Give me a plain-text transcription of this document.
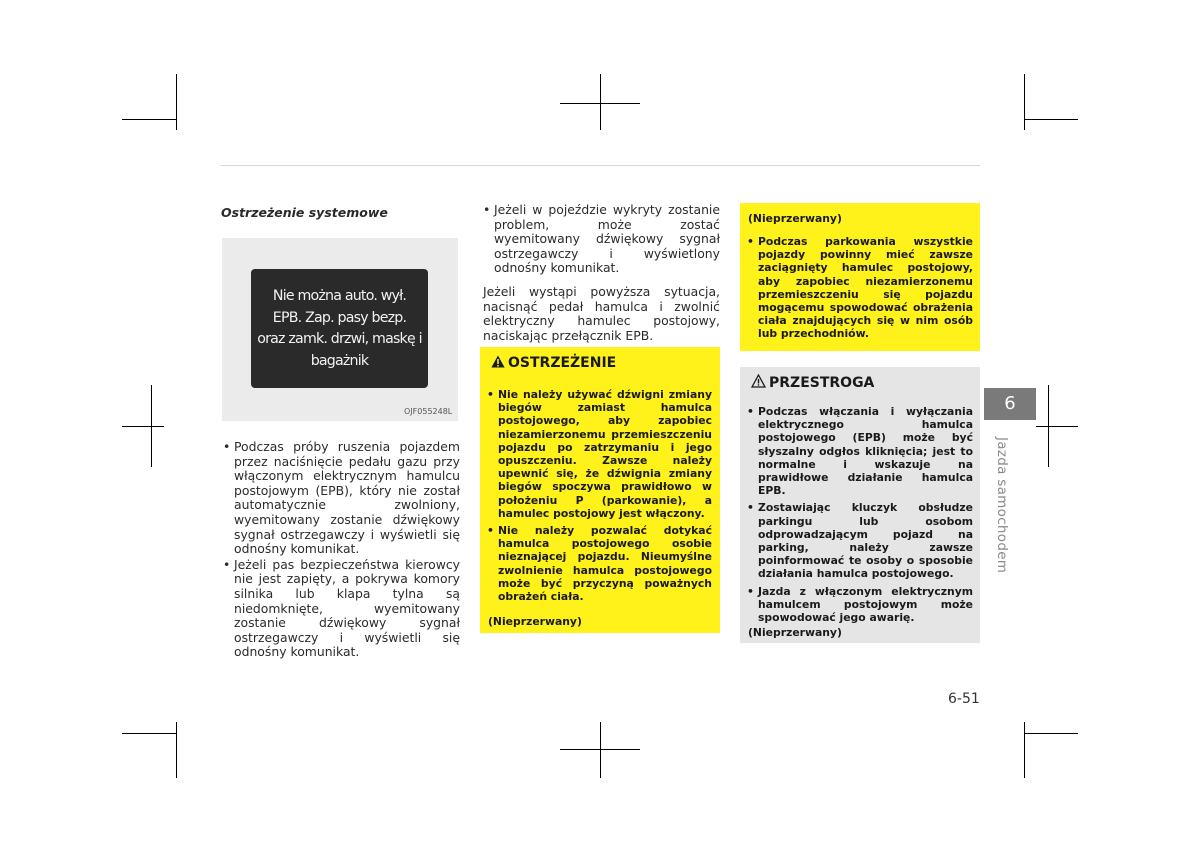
Ostrzeżenie systemowe
Nie można auto. wył.
EPB. Zap. pasy bezp.
oraz zamk. drzwi, maskę i
bagażnik
OJF055248L
• Podczas próby ruszenia pojazdem przez naciśnięcie pedału gazu przy włączonym elektrycznym hamulcu postojowym (EPB), który nie został automatycznie zwolniony, wyemitowany zostanie dźwiękowy sygnał ostrzegawczy i wyświetli się odnośny komunikat.
• Jeżeli pas bezpieczeństwa kierowcy nie jest zapięty, a pokrywa komory silnika lub klapa tylna są niedomknięte, wyemitowany zostanie dźwiękowy sygnał ostrzegawczy i wyświetli się odnośny komunikat.
• Jeżeli w pojeździe wykryty zostanie problem, może zostać wyemitowany dźwiękowy sygnał ostrzegawczy i wyświetlony odnośny komunikat.
Jeżeli wystąpi powyższa sytuacja, nacisnąć pedał hamulca i zwolnić elektryczny hamulec postojowy, naciskając przełącznik EPB.
OSTRZEŻENIE
• Nie należy używać dźwigni zmiany biegów zamiast hamulca postojowego, aby zapobiec niezamierzonemu przemieszczeniu pojazdu po zatrzymaniu i jego opuszczeniu. Zawsze należy upewnić się, że dźwignia zmiany biegów spoczywa prawidłowo w położeniu P (parkowanie), a hamulec postojowy jest włączony.
• Nie należy pozwalać dotykać hamulca postojowego osobie nieznającej pojazdu. Nieumyślne zwolnienie hamulca postojowego może być przyczyną poważnych obrażeń ciała.
(Nieprzerwany)
(Nieprzerwany)
• Podczas parkowania wszystkie pojazdy powinny mieć zawsze zaciągnięty hamulec postojowy, aby zapobiec niezamierzonemu przemieszczeniu się pojazdu mogącemu spowodować obrażenia ciała znajdujących się w nim osób lub przechodniów.
PRZESTROGA
• Podczas włączania i wyłączania elektrycznego hamulca postojowego (EPB) może być słyszalny odgłos kliknięcia; jest to normalne i wskazuje na prawidłowe działanie hamulca EPB.
• Zostawiając kluczyk obsłudze parkingu lub osobom odprowadzającym pojazd na parking, należy zawsze poinformować te osoby o sposobie działania hamulca postojowego.
• Jazda z włączonym elektrycznym hamulcem postojowym może spowodować jego awarię.
(Nieprzerwany)
6
Jazda samochodem
6-51
